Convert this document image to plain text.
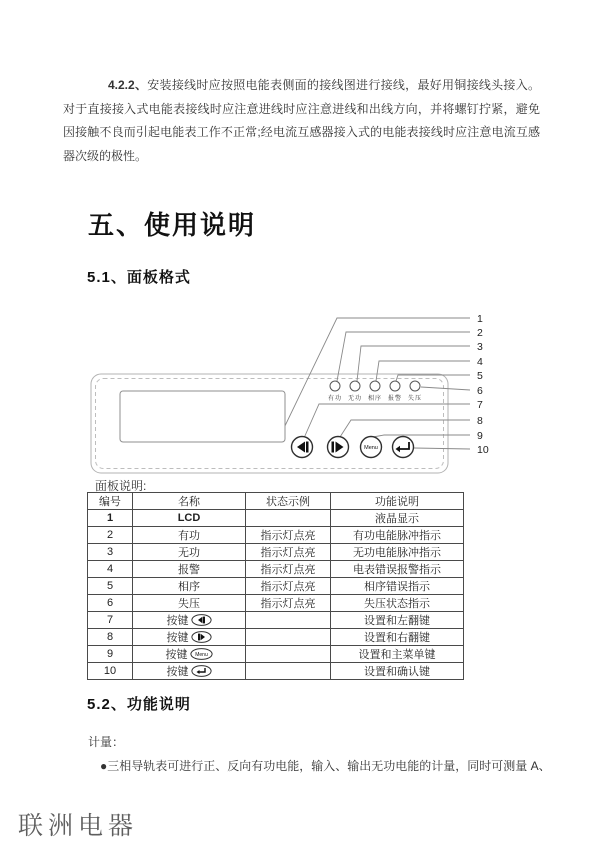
4.2.2、安装接线时应按照电能表侧面的接线图进行接线，最好用铜接线头接入。对于直接接入式电能表接线时应注意进线时应注意进线和出线方向，并将螺钉拧紧，避免因接触不良而引起电能表工作不正常;经电流互感器接入式的电能表接线时应注意电流互感器次级的极性。

五、使用说明
5.1、面板格式
有功 无功 相序 报警 失压
Menu
1
2
3
4
5
6
7
8
9
10
面板说明:
编号	名称	状态示例	功能说明
1	LCD		液晶显示
2	有功	指示灯点亮	有功电能脉冲指示
3	无功	指示灯点亮	无功电能脉冲指示
4	报警	指示灯点亮	电表错误报警指示
5	相序	指示灯点亮	相序错误指示
6	失压	指示灯点亮	失压状态指示
7	按键		设置和左翻键
8	按键		设置和右翻键
9	按键 Menu		设置和主菜单键
10	按键		设置和确认键
5.2、功能说明
计量：
●三相导轨表可进行正、反向有功电能，输入、输出无功电能的计量，同时可测量 A、
联洲电器
